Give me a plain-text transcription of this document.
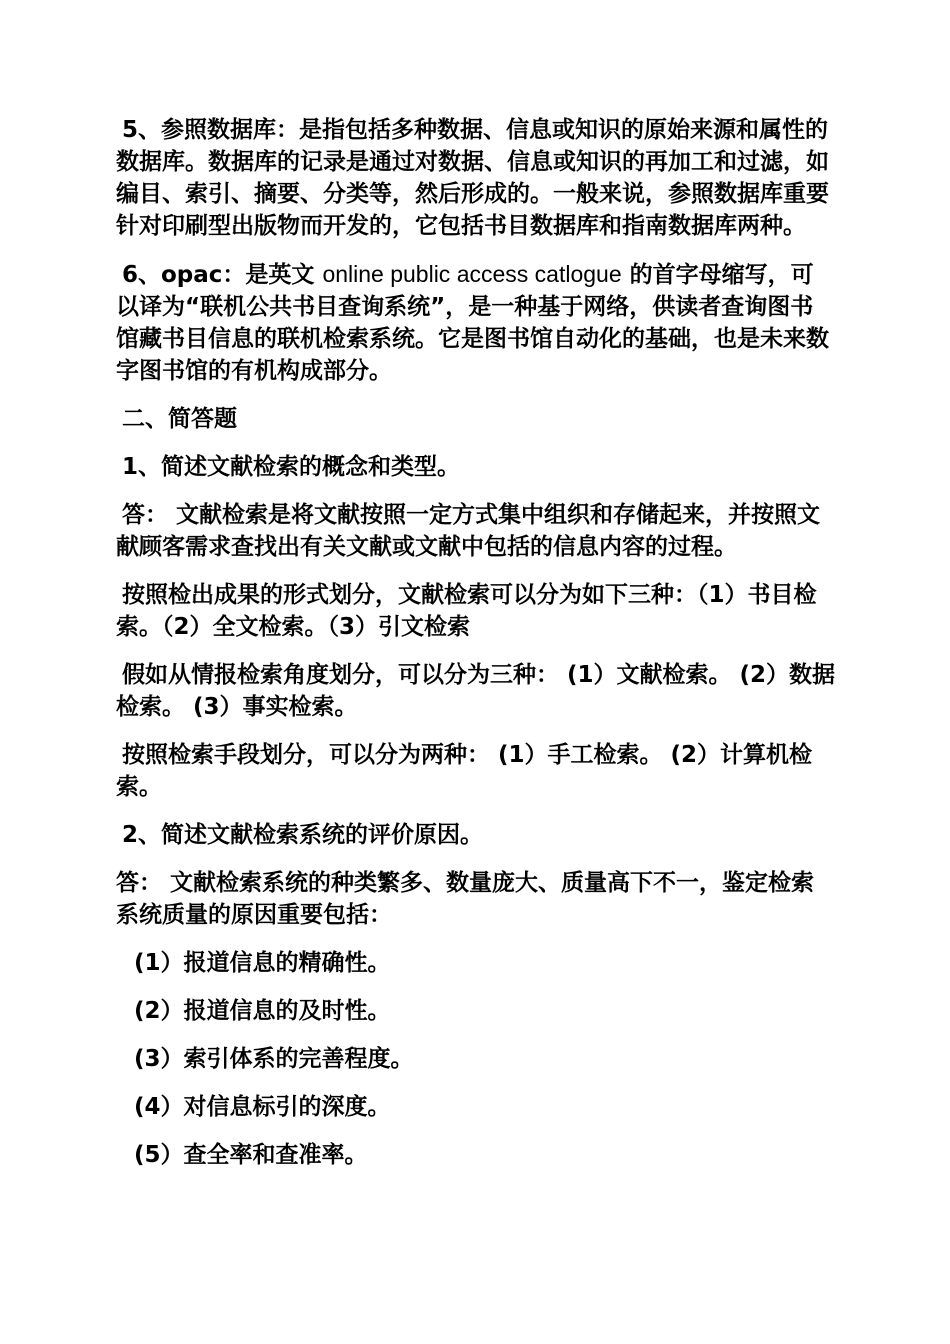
5、参照数据库：是指包括多种数据、信息或知识的原始来源和属性的数据库。数据库的记录是通过对数据、信息或知识的再加工和过滤，如编目、索引、摘要、分类等，然后形成的。一般来说，参照数据库重要针对印刷型出版物而开发的，它包括书目数据库和指南数据库两种。

6、opac：是英文 online public access catlogue 的首字母缩写，可以译为“联机公共书目查询系统”，是一种基于网络，供读者查询图书馆藏书目信息的联机检索系统。它是图书馆自动化的基础，也是未来数字图书馆的有机构成部分。

二、简答题

1、简述文献检索的概念和类型。

答： 文献检索是将文献按照一定方式集中组织和存储起来，并按照文献顾客需求查找出有关文献或文献中包括的信息内容的过程。

按照检出成果的形式划分，文献检索可以分为如下三种：（1）书目检索。（2）全文检索。（3）引文检索

假如从情报检索角度划分，可以分为三种： (1）文献检索。 (2）数据检索。 (3）事实检索。

按照检索手段划分，可以分为两种： (1）手工检索。 (2）计算机检索。

2、简述文献检索系统的评价原因。

答： 文献检索系统的种类繁多、数量庞大、质量高下不一，鉴定检索系统质量的原因重要包括：

(1）报道信息的精确性。

(2）报道信息的及时性。

(3）索引体系的完善程度。

(4）对信息标引的深度。

(5）查全率和查准率。
